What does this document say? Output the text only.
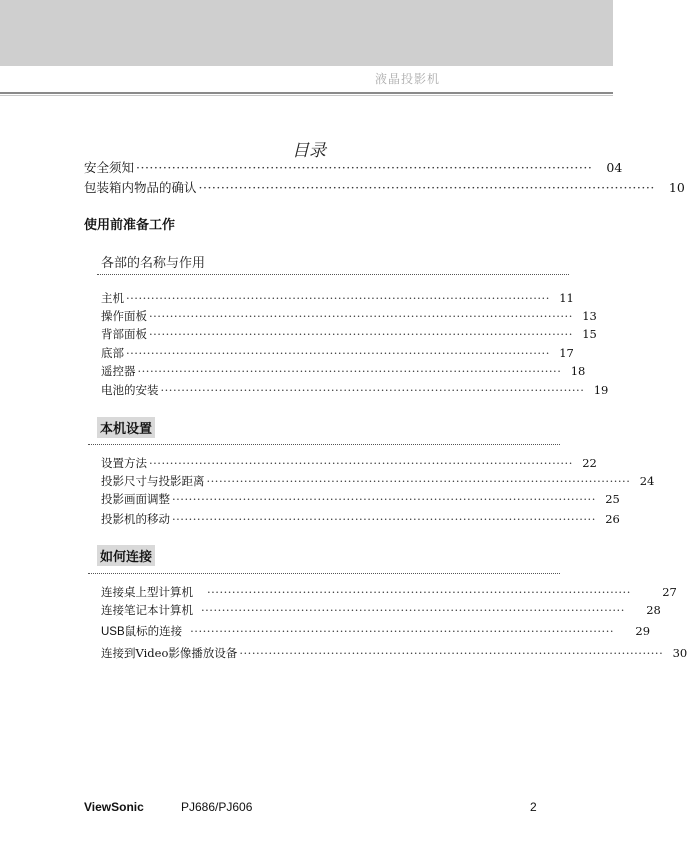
液晶投影机
目录
安全须知 ······································································································	04
包装箱内物品的确认 ······································································································	10
使用前准备工作
各部的名称与作用
主机 ······································································································ 11
操作面板 ······································································································ 13
背部面板 ······································································································ 15
底部 ······································································································ 17
遥控器 ······································································································ 18
电池的安装 ······································································································ 19
本机设置
设置方法 ······································································································ 22
投影尺寸与投影距离 ······································································································ 24
投影画面调整 ······································································································ 25
投影机的移动 ······································································································ 26
如何连接
连接桌上型计算机 ······································································································	27
连接笔记本计算机 ······································································································	28
USB鼠标的连接 ······································································································	29
连接到Video影像播放设备 ······································································································ 30
ViewSonic	PJ686/PJ606	2
